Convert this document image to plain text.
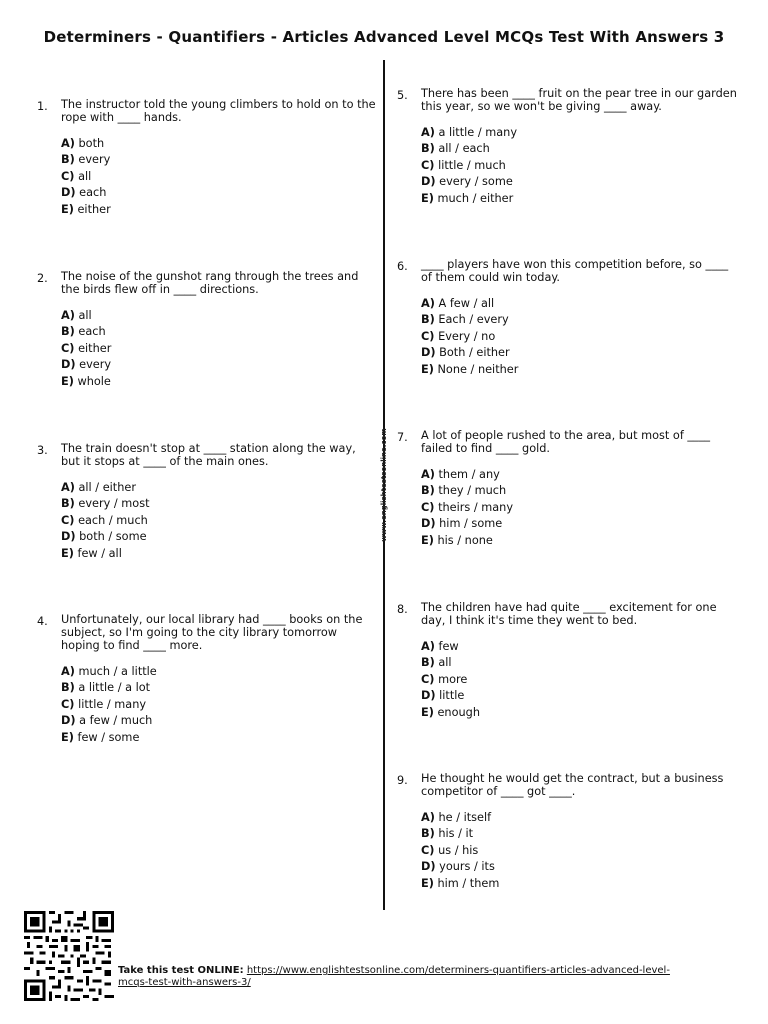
Determiners - Quantifiers - Articles Advanced Level MCQs Test With Answers 3
www.englishtestsonline.com
1. The instructor told the young climbers to hold on to the rope with ____ hands.
A) both
B) every
C) all
D) each
E) either
2. The noise of the gunshot rang through the trees and the birds flew off in ____ directions.
A) all
B) each
C) either
D) every
E) whole
3. The train doesn't stop at ____ station along the way, but it stops at ____ of the main ones.
A) all / either
B) every / most
C) each / much
D) both / some
E) few / all
4. Unfortunately, our local library had ____ books on the subject, so I'm going to the city library tomorrow hoping to find ____ more.
A) much / a little
B) a little / a lot
C) little / many
D) a few / much
E) few / some
5. There has been ____ fruit on the pear tree in our garden this year, so we won't be giving ____ away.
A) a little / many
B) all / each
C) little / much
D) every / some
E) much / either
6. ____ players have won this competition before, so ____ of them could win today.
A) A few / all
B) Each / every
C) Every / no
D) Both / either
E) None / neither
7. A lot of people rushed to the area, but most of ____ failed to find ____ gold.
A) them / any
B) they / much
C) theirs / many
D) him / some
E) his / none
8. The children have had quite ____ excitement for one day, I think it's time they went to bed.
A) few
B) all
C) more
D) little
E) enough
9. He thought he would get the contract, but a business competitor of ____ got ____.
A) he / itself
B) his / it
C) us / his
D) yours / its
E) him / them
Take this test ONLINE: https://www.englishtestsonline.com/determiners-quantifiers-articles-advanced-level-mcqs-test-with-answers-3/
